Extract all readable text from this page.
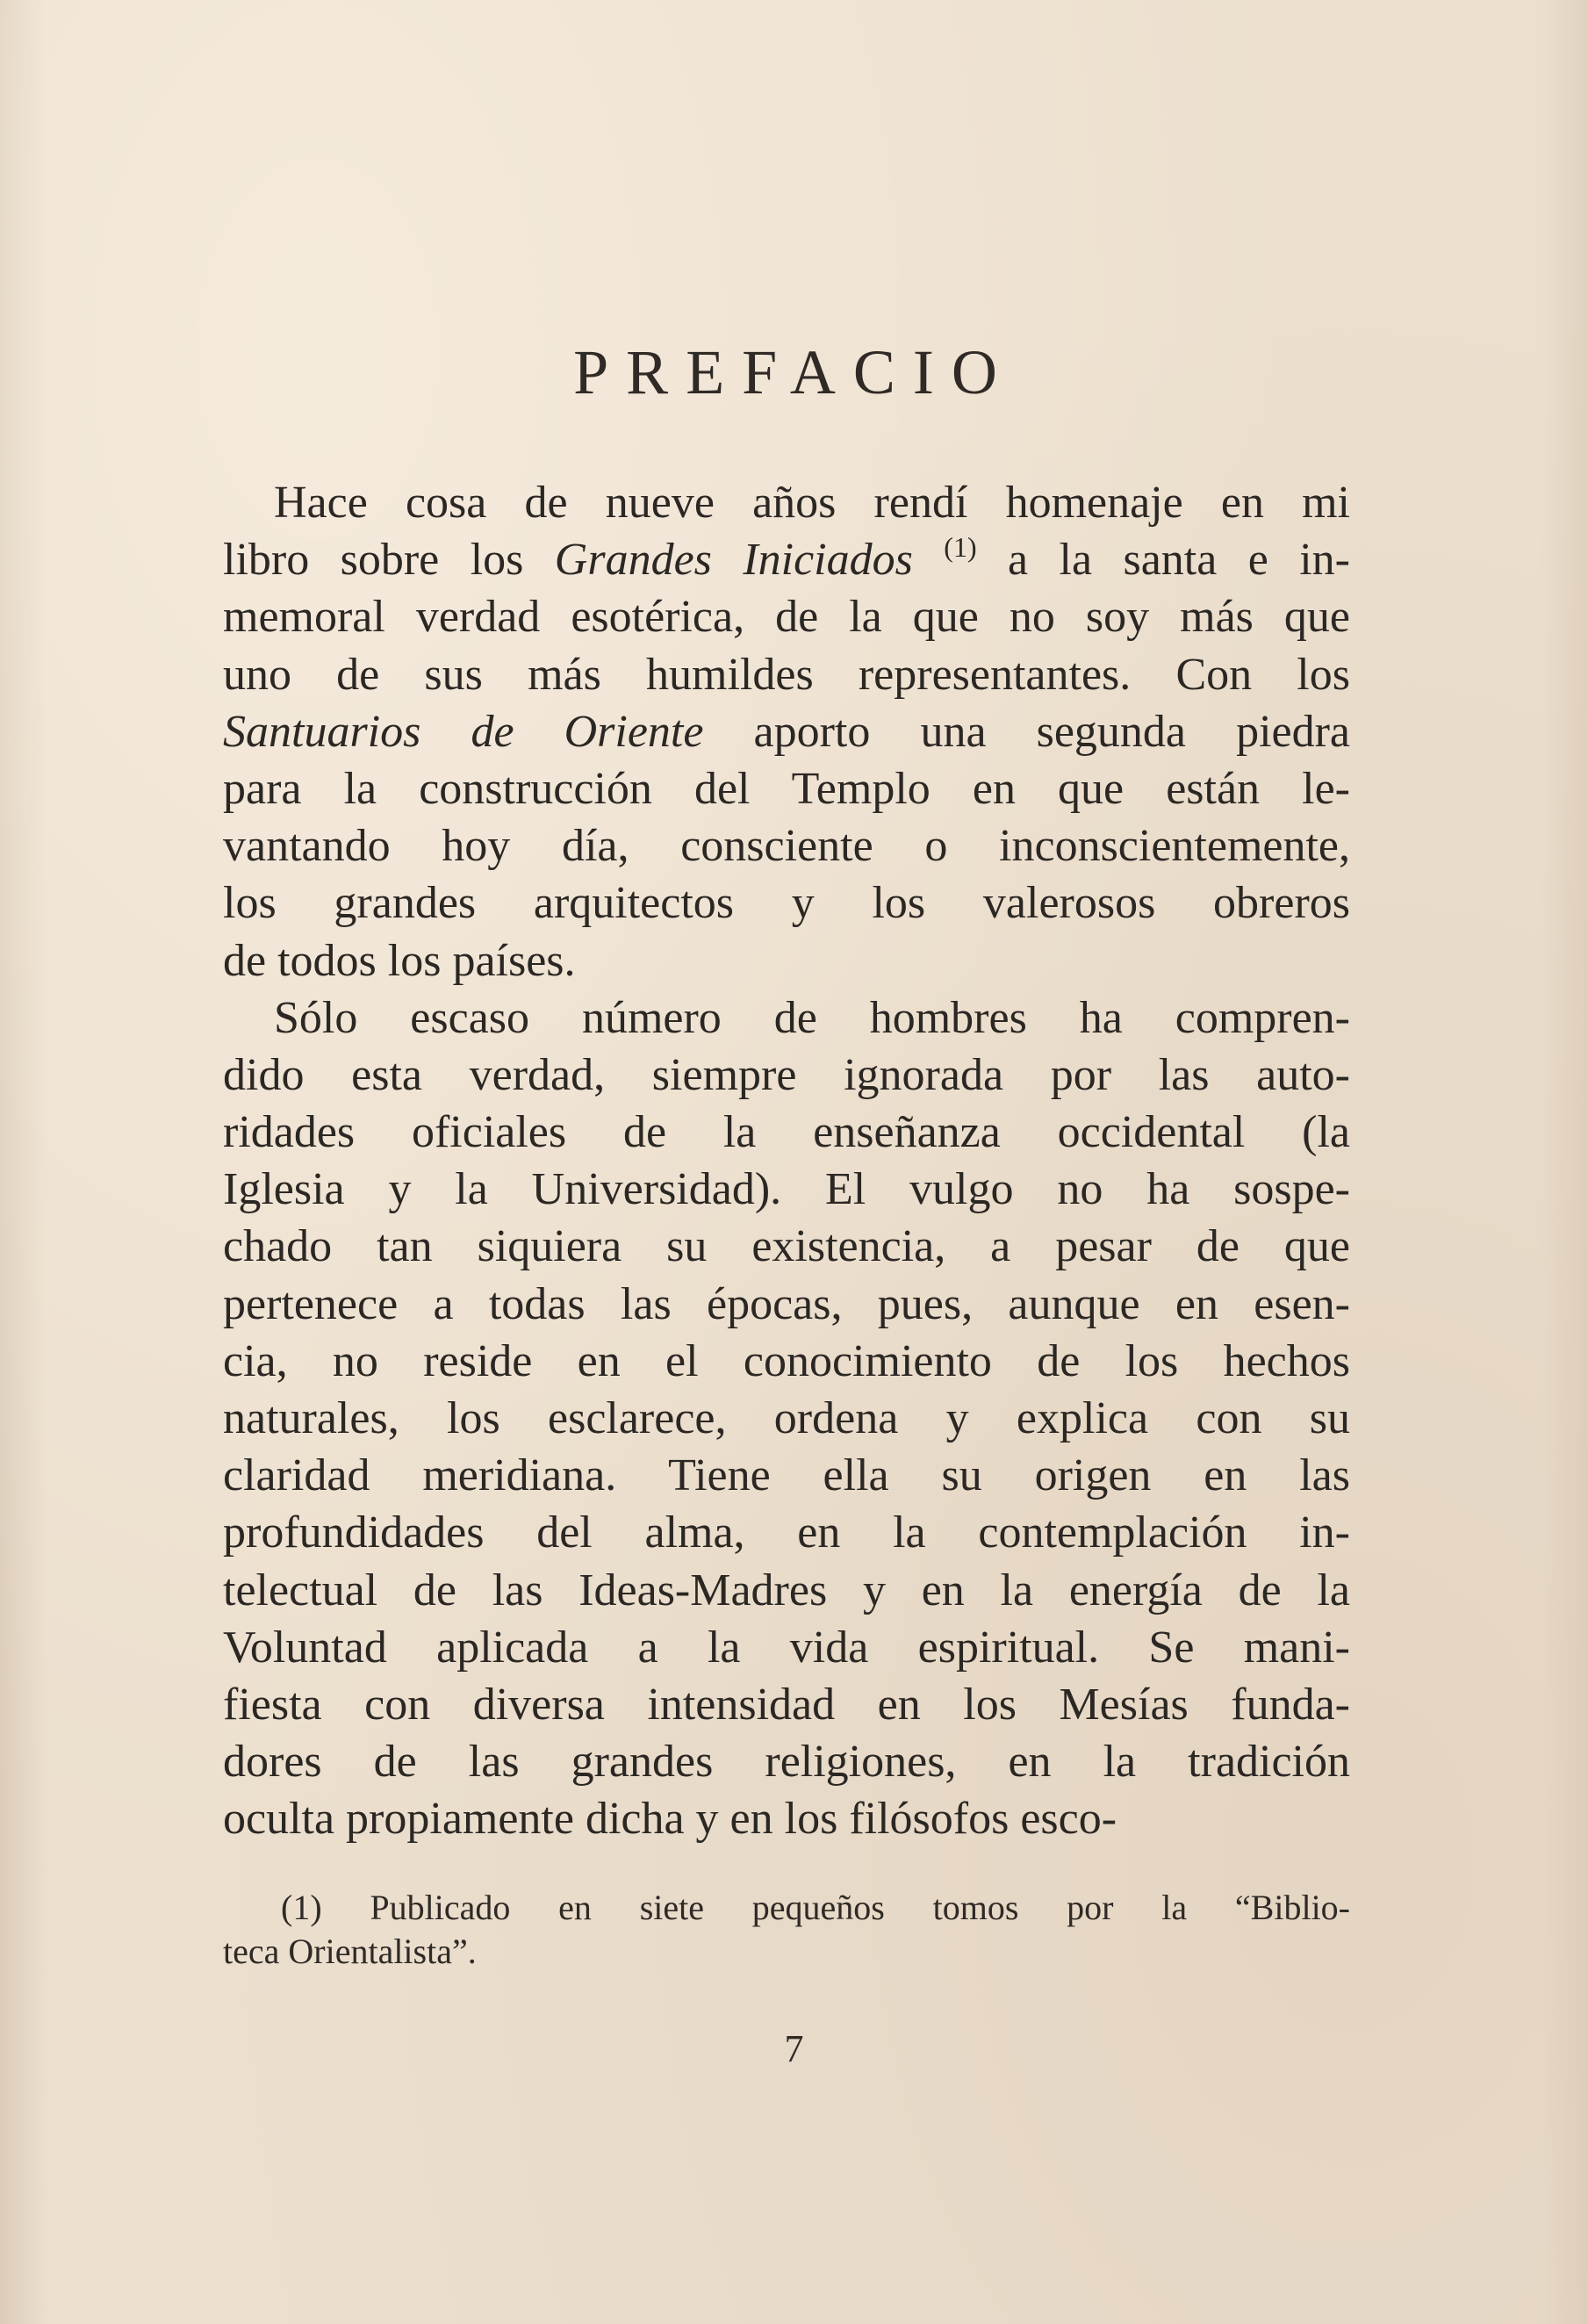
PREFACIO
Hace cosa de nueve años rendí homenaje en mi
libro sobre los Grandes Iniciados $^{(1)}$ a la santa e in-
memoral verdad esotérica, de la que no soy más que
uno de sus más humildes representantes. Con los
Santuarios de Oriente aporto una segunda piedra
para la construcción del Templo en que están le-
vantando hoy día, consciente o inconscientemente,
los grandes arquitectos y los valerosos obreros
de todos los países.
Sólo escaso número de hombres ha compren-
dido esta verdad, siempre ignorada por las auto-
ridades oficiales de la enseñanza occidental (la
Iglesia y la Universidad). El vulgo no ha sospe-
chado tan siquiera su existencia, a pesar de que
pertenece a todas las épocas, pues, aunque en esen-
cia, no reside en el conocimiento de los hechos
naturales, los esclarece, ordena y explica con su
claridad meridiana. Tiene ella su origen en las
profundidades del alma, en la contemplación in-
telectual de las Ideas-Madres y en la energía de la
Voluntad aplicada a la vida espiritual. Se mani-
fiesta con diversa intensidad en los Mesías funda-
dores de las grandes religiones, en la tradición
oculta propiamente dicha y en los filósofos esco-
(1) Publicado en siete pequeños tomos por la “Biblio-
teca Orientalista”.
7
